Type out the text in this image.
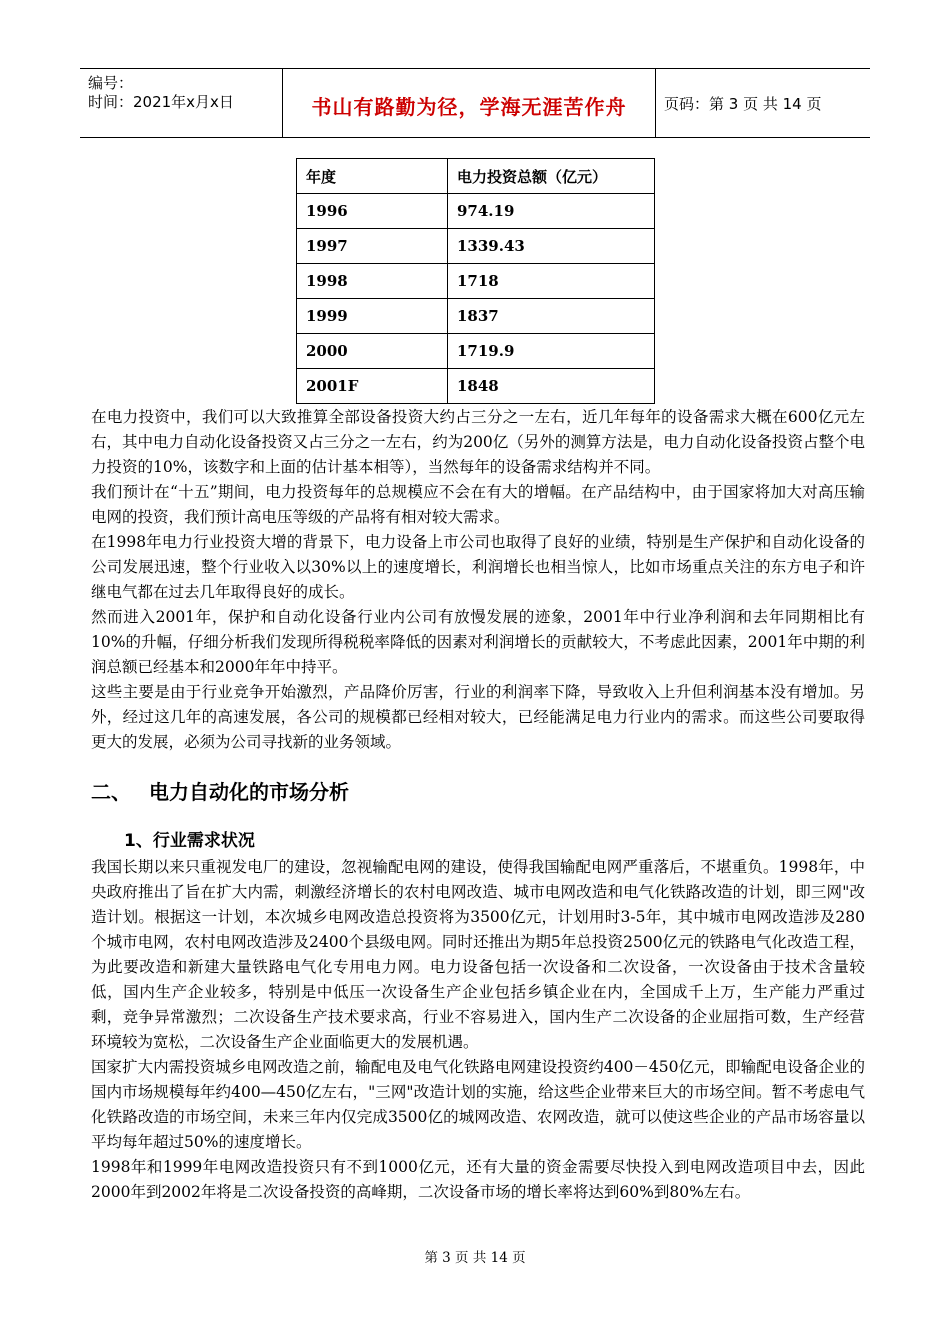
编号：
时间：2021年x月x日	书山有路勤为径，学海无涯苦作舟	页码：第 3 页 共 14 页
年度	电力投资总额（亿元）
1996	974.19
1997	1339.43
1998	1718
1999	1837
2000	1719.9
2001F	1848

在电力投资中，我们可以大致推算全部设备投资大约占三分之一左右，近几年每年的设备需求大概在600亿元左右，其中电力自动化设备投资又占三分之一左右，约为200亿（另外的测算方法是，电力自动化设备投资占整个电力投资的10%，该数字和上面的估计基本相等），当然每年的设备需求结构并不同。

我们预计在“十五”期间，电力投资每年的总规模应不会在有大的增幅。在产品结构中，由于国家将加大对高压输电网的投资，我们预计高电压等级的产品将有相对较大需求。

在1998年电力行业投资大增的背景下，电力设备上市公司也取得了良好的业绩，特别是生产保护和自动化设备的公司发展迅速，整个行业收入以30%以上的速度增长，利润增长也相当惊人，比如市场重点关注的东方电子和许继电气都在过去几年取得良好的成长。

然而进入2001年，保护和自动化设备行业内公司有放慢发展的迹象，2001年中行业净利润和去年同期相比有10%的升幅，仔细分析我们发现所得税税率降低的因素对利润增长的贡献较大，不考虑此因素，2001年中期的利润总额已经基本和2000年年中持平。

这些主要是由于行业竞争开始激烈，产品降价厉害，行业的利润率下降，导致收入上升但利润基本没有增加。另外，经过这几年的高速发展，各公司的规模都已经相对较大，已经能满足电力行业内的需求。而这些公司要取得更大的发展，必须为公司寻找新的业务领域。

二、 电力自动化的市场分析
1、行业需求状况

我国长期以来只重视发电厂的建设，忽视输配电网的建设，使得我国输配电网严重落后，不堪重负。1998年，中央政府推出了旨在扩大内需，刺激经济增长的农村电网改造、城市电网改造和电气化铁路改造的计划，即三网"改造计划。根据这一计划，本次城乡电网改造总投资将为3500亿元，计划用时3-5年，其中城市电网改造涉及280个城市电网，农村电网改造涉及2400个县级电网。同时还推出为期5年总投资2500亿元的铁路电气化改造工程，为此要改造和新建大量铁路电气化专用电力网。电力设备包括一次设备和二次设备，一次设备由于技术含量较低，国内生产企业较多，特别是中低压一次设备生产企业包括乡镇企业在内，全国成千上万，生产能力严重过剩，竞争异常激烈；二次设备生产技术要求高，行业不容易进入，国内生产二次设备的企业屈指可数，生产经营环境较为宽松，二次设备生产企业面临更大的发展机遇。

国家扩大内需投资城乡电网改造之前，输配电及电气化铁路电网建设投资约400－450亿元，即输配电设备企业的国内市场规模每年约400—450亿左右，"三网"改造计划的实施，给这些企业带来巨大的市场空间。暂不考虑电气化铁路改造的市场空间，未来三年内仅完成3500亿的城网改造、农网改造，就可以使这些企业的产品市场容量以平均每年超过50%的速度增长。

1998年和1999年电网改造投资只有不到1000亿元，还有大量的资金需要尽快投入到电网改造项目中去，因此2000年到2002年将是二次设备投资的高峰期，二次设备市场的增长率将达到60%到80%左右。

第 3 页 共 14 页
